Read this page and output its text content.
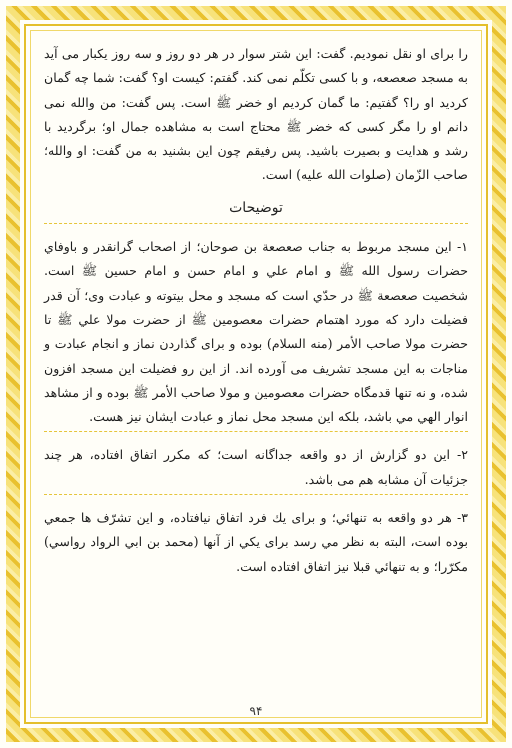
را برای او نقل نمودیم. گفت: این شتر سوار در هر دو روز و سه روز یکبار می آید به مسجد صعصعه، و با کسی تکلّم نمی کند. گفتم: کیست او؟ گفت: شما چه گمان کردید او را؟ گفتیم: ما گمان کردیم او خضر ﷺ است. پس گفت: من والله نمی دانم او را مگر کسی که خضر ﷺ محتاج است به مشاهده جمال او؛ برگردید با رشد و هدایت و بصیرت باشید. پس رفیقم چون این بشنید به من گفت: او والله؛ صاحب الزّمان (صلوات الله علیه) است.

توضیحات

۱- این مسجد مربوط به جناب صعصعة بن صوحان؛ از اصحاب گرانقدر و باوفاي حضرات رسول الله ﷺ و امام علي و امام حسن و امام حسين ﷺ است. شخصیت صعصعة ﷺ در حدّي است که مسجد و محل بیتوته و عبادت وی؛ آن قدر فضیلت دارد که مورد اهتمام حضرات معصومین ﷺ از حضرت مولا علي ﷺ تا حضرت مولا صاحب الأمر (منه السلام) بوده و برای گذاردن نماز و انجام عبادت و مناجات به این مسجد تشریف می آورده اند. از این رو فضیلت این مسجد افزون شده، و نه تنها قدمگاه حضرات معصومین و مولا صاحب الأمر ﷺ بوده و از مشاهد انوار الهي مي باشد، بلكه این مسجد محل نماز و عبادت ایشان نیز هست.

۲- این دو گزارش از دو واقعه جداگانه است؛ که مکرر اتفاق افتاده، هر چند جزئیات آن مشابه هم می باشد.

۳- هر دو واقعه به تنهائي؛ و برای یك فرد اتفاق نیافتاده، و این تشرّف ها جمعي بوده است، البته به نظر مي رسد برای یکي از آنها (محمد بن ابي الرواد رواسي) مكرّرا؛ و به تنهائي قبلا نیز اتفاق افتاده است.

۹۴
